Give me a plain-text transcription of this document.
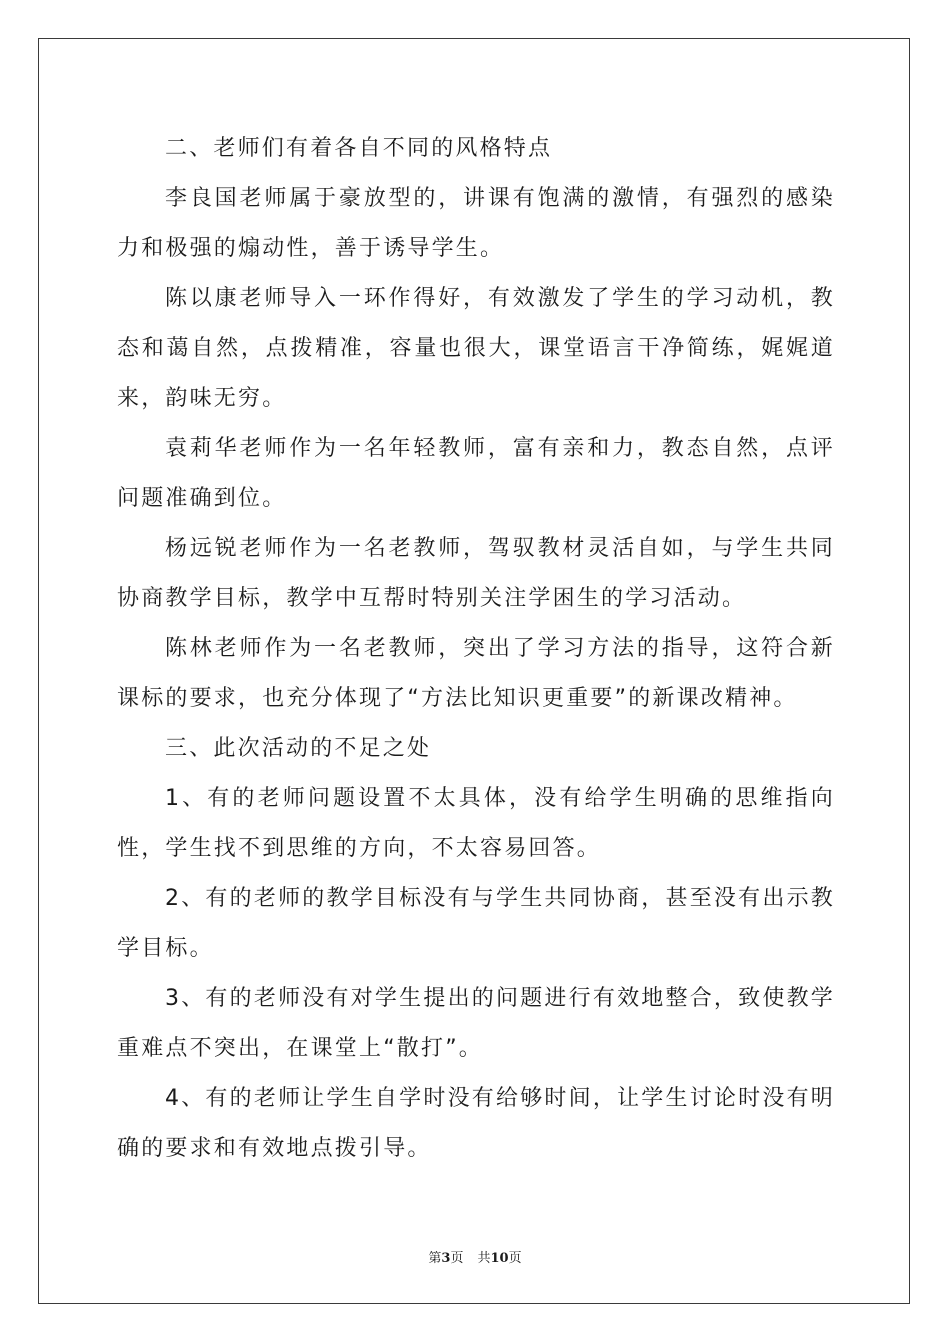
二、老师们有着各自不同的风格特点

李良国老师属于豪放型的，讲课有饱满的激情，有强烈的感染力和极强的煽动性，善于诱导学生。

陈以康老师导入一环作得好，有效激发了学生的学习动机，教态和蔼自然，点拨精准，容量也很大，课堂语言干净简练，娓娓道来，韵味无穷。

袁莉华老师作为一名年轻教师，富有亲和力，教态自然，点评问题准确到位。

杨远锐老师作为一名老教师，驾驭教材灵活自如，与学生共同协商教学目标，教学中互帮时特别关注学困生的学习活动。

陈林老师作为一名老教师，突出了学习方法的指导，这符合新课标的要求，也充分体现了“方法比知识更重要”的新课改精神。

三、此次活动的不足之处

1、有的老师问题设置不太具体，没有给学生明确的思维指向性，学生找不到思维的方向，不太容易回答。

2、有的老师的教学目标没有与学生共同协商，甚至没有出示教学目标。

3、有的老师没有对学生提出的问题进行有效地整合，致使教学重难点不突出，在课堂上“散打”。

4、有的老师让学生自学时没有给够时间，让学生讨论时没有明确的要求和有效地点拨引导。

第3页 共10页
